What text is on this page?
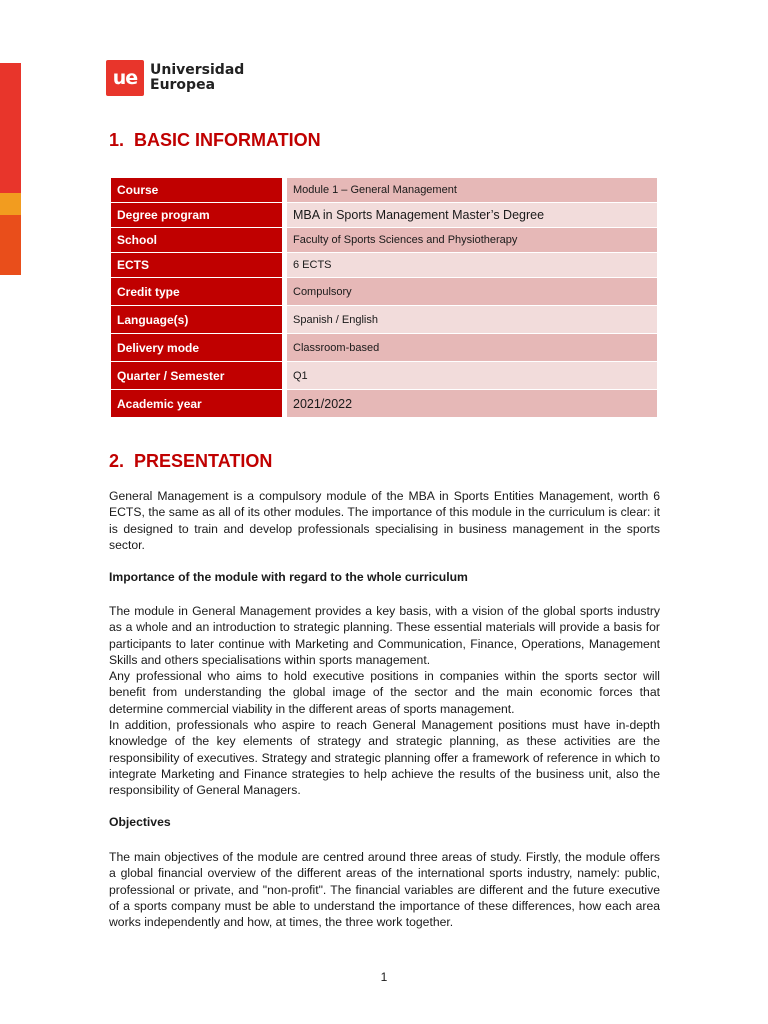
ue Universidad
Europea
1. BASIC INFORMATION
Course	Module 1 – General Management
Degree program	MBA in Sports Management Master’s Degree
School	Faculty of Sports Sciences and Physiotherapy
ECTS	6 ECTS
Credit type	Compulsory
Language(s)	Spanish / English
Delivery mode	Classroom-based
Quarter / Semester	Q1
Academic year	2021/2022
2. PRESENTATION

General Management is a compulsory module of the MBA in Sports Entities Management, worth 6 ECTS, the same as all of its other modules. The importance of this module in the curriculum is clear: it is designed to train and develop professionals specialising in business management in the sports sector.

Importance of the module with regard to the whole curriculum

The module in General Management provides a key basis, with a vision of the global sports industry as a whole and an introduction to strategic planning. These essential materials will provide a basis for participants to later continue with Marketing and Communication, Finance, Operations, Management Skills and others specialisations within sports management.

Any professional who aims to hold executive positions in companies within the sports sector will benefit from understanding the global image of the sector and the main economic forces that determine commercial viability in the different areas of sports management.

In addition, professionals who aspire to reach General Management positions must have in-depth knowledge of the key elements of strategy and strategic planning, as these activities are the responsibility of executives. Strategy and strategic planning offer a framework of reference in which to integrate Marketing and Finance strategies to help achieve the results of the business unit, also the responsibility of General Managers.

Objectives

The main objectives of the module are centred around three areas of study. Firstly, the module offers a global financial overview of the different areas of the international sports industry, namely: public, professional or private, and "non-profit". The financial variables are different and the future executive of a sports company must be able to understand the importance of these differences, how each area works independently and how, at times, the three work together.

1
